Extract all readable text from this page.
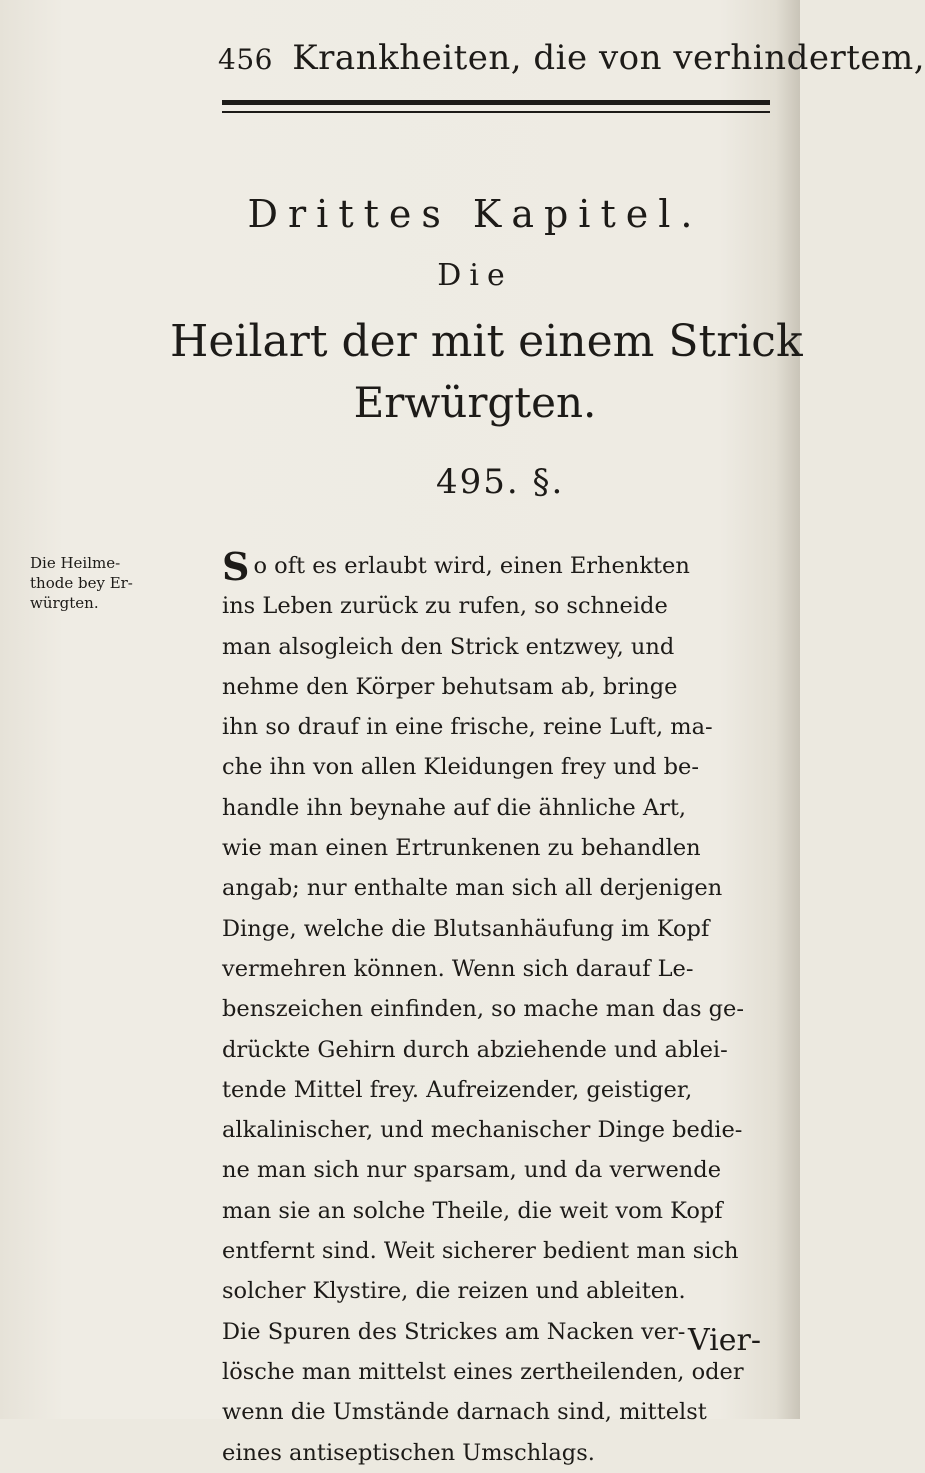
456 Krankheiten, die von verhindertem,
Drittes Kapitel.
Die
Heilart der mit einem Strick
Erwürgten.
495. §.
Die Heilme-
thode bey Er-
würgten.
So oft es erlaubt wird, einen Erhenkten
ins Leben zurück zu rufen, so schneide
man alsogleich den Strick entzwey, und
nehme den Körper behutsam ab, bringe
ihn so drauf in eine frische, reine Luft, ma-
che ihn von allen Kleidungen frey und be-
handle ihn beynahe auf die ähnliche Art,
wie man einen Ertrunkenen zu behandlen
angab; nur enthalte man sich all derjenigen
Dinge, welche die Blutsanhäufung im Kopf
vermehren können. Wenn sich darauf Le-
benszeichen einfinden, so mache man das ge-
drückte Gehirn durch abziehende und ablei-
tende Mittel frey. Aufreizender, geistiger,
alkalinischer, und mechanischer Dinge bedie-
ne man sich nur sparsam, und da verwende
man sie an solche Theile, die weit vom Kopf
entfernt sind. Weit sicherer bedient man sich
solcher Klystire, die reizen und ableiten.
Die Spuren des Strickes am Nacken ver-
lösche man mittelst eines zertheilenden, oder
wenn die Umstände darnach sind, mittelst
eines antiseptischen Umschlags.
Vier-
